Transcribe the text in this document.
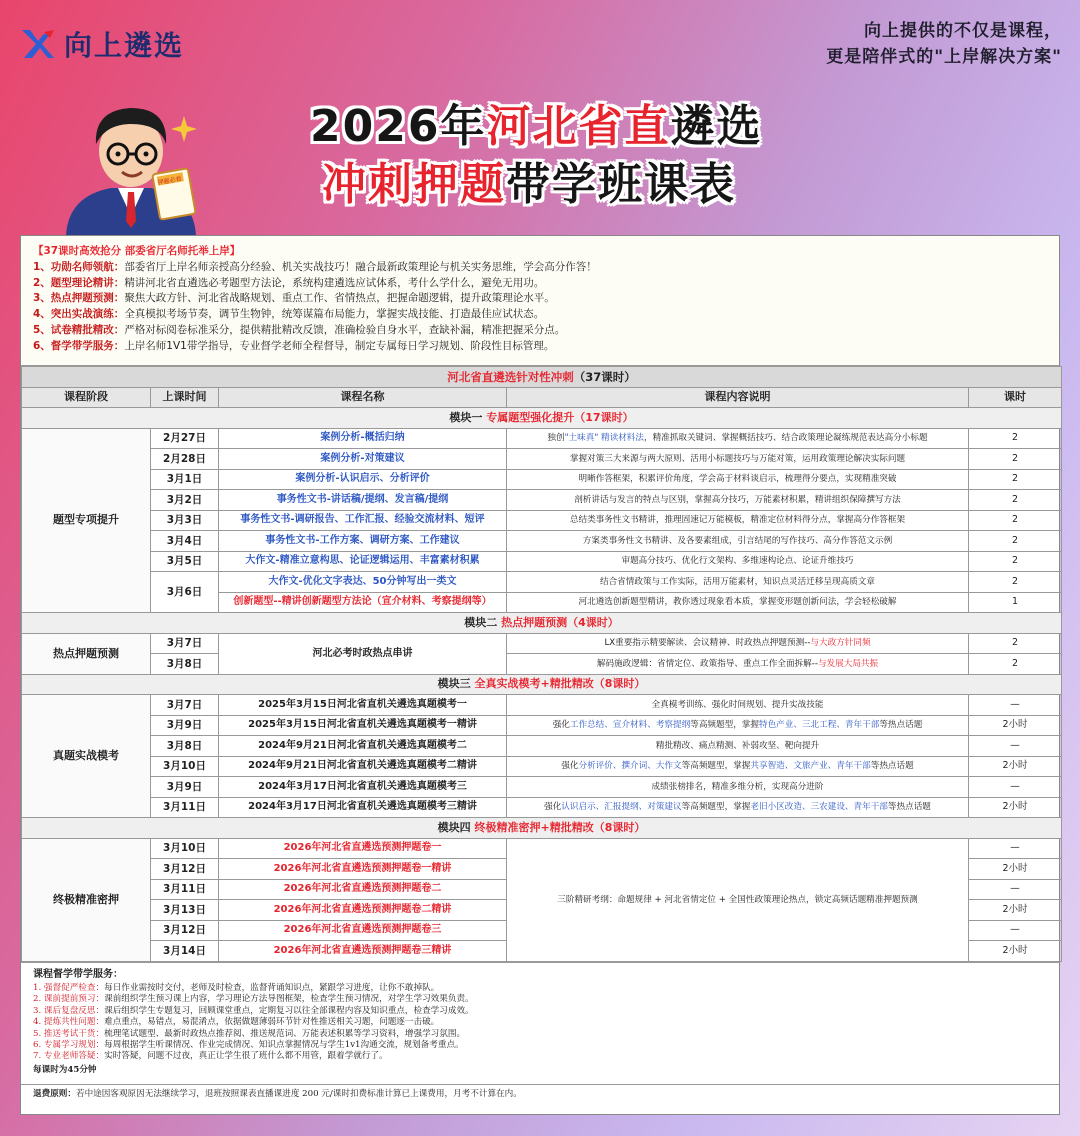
向上遴选	向上提供的不仅是课程，
更是陪伴式的"上岸解决方案"
押题必看
2026年河北省直遴选
冲刺押题带学班课表
【37课时高效抢分 部委省厅名师托举上岸】
1、功勋名师领航：部委省厅上岸名师亲授高分经验、机关实战技巧！融合最新政策理论与机关实务思维，学会高分作答！
2、题型理论精讲：精讲河北省直遴选必考题型方法论，系统构建遴选应试体系，考什么学什么，避免无用功。
3、热点押题预测：聚焦大政方针、河北省战略规划、重点工作、省情热点，把握命题逻辑，提升政策理论水平。
4、突出实战演练：全真模拟考场节奏，调节生物钟，统筹谋篇布局能力，掌握实战技能、打造最佳应试状态。
5、试卷精批精改：严格对标阅卷标准采分，提供精批精改反馈，准确检验自身水平，查缺补漏，精准把握采分点。
6、督学带学服务：上岸名师1V1带学指导，专业督学老师全程督导，制定专属每日学习规划、阶段性目标管理。
河北省直遴选针对性冲刺（37课时）				
课程阶段	上课时间	课程名称	课程内容说明	课时
模块一 专属题型强化提升（17课时）				
题型专项提升	2月27日	案例分析-概括归纳	独创"土味真" 精读材料法，精准抓取关键词、掌握概括技巧、结合政策理论凝练规范表达高分小标题	2
	2月28日	案例分析-对策建议	掌握对策三大来源与两大原则、活用小标题技巧与万能对策，运用政策理论解决实际问题	2
	3月1日	案例分析-认识启示、分析评价	明晰作答框架，积累评价角度，学会高于材料谈启示，梳理得分要点，实现精准突破	2
	3月2日	事务性文书-讲话稿/提纲、发言稿/提纲	剖析讲话与发言的特点与区别，掌握高分技巧，万能素材积累，精讲组织保障撰写方法	2
	3月3日	事务性文书-调研报告、工作汇报、经验交流材料、短评	总结类事务性文书精讲，推理固速记万能模板，精准定位材料得分点，掌握高分作答框架	2
	3月4日	事务性文书-工作方案、调研方案、工作建议	方案类事务性文书精讲、及各要素组成，引言结尾的写作技巧、高分作答范文示例	2
	3月5日	大作文-精准立意构思、论证逻辑运用、丰富素材积累	审题高分技巧、优化行文架构、多维速构论点、论证升维技巧	2
	3月6日	大作文-优化文字表达、50分钟写出一类文	结合省情政策与工作实际，活用万能素材，知识点灵活迁移呈现高质文章	2
		创新题型--精讲创新题型方法论（宣介材料、考察提纲等）	河北遴选创新题型精讲，教你透过现象看本质，掌握变形题创新问法，学会轻松破解	1
模块二 热点押题预测（4课时）				
热点押题预测	3月7日	河北必考时政热点串讲	LX重要指示精要解读、会议精神、时政热点押题预测--与大政方针同频	2
	3月8日		解码施政逻辑：省情定位、政策指导、重点工作全面拆解--与发展大局共振	2
模块三 全真实战模考+精批精改（8课时）				
真题实战模考	3月7日	2025年3月15日河北省直机关遴选真题模考一	全真模考训练、强化时间规划、提升实战技能	—
	3月9日	2025年3月15日河北省直机关遴选真题模考一精讲	强化工作总结、宣介材料、考察提纲等高频题型，掌握特色产业、三北工程、青年干部等热点话题	2小时
	3月8日	2024年9月21日河北省直机关遴选真题模考二	精批精改、痛点精测、补弱攻坚、靶向提升	—
	3月10日	2024年9月21日河北省直机关遴选真题模考二精讲	强化分析评价、撰介词、大作文等高频题型，掌握共享智造、文旅产业、青年干部等热点话题	2小时
	3月9日	2024年3月17日河北省直机关遴选真题模考三	成绩张榜排名，精准多维分析，实现高分进阶	—
	3月11日	2024年3月17日河北省直机关遴选真题模考三精讲	强化认识启示、汇报提纲、对策建议等高频题型，掌握老旧小区改造、三农建设、青年干部等热点话题	2小时
模块四 终极精准密押+精批精改（8课时）				
终极精准密押	3月10日	2026年河北省直遴选预测押题卷一	三阶精研考纲：命题规律 + 河北省情定位 + 全国性政策理论热点，锁定高频话题精准押题预测	—
	3月12日	2026年河北省直遴选预测押题卷一精讲		2小时
	3月11日	2026年河北省直遴选预测押题卷二		—
	3月13日	2026年河北省直遴选预测押题卷二精讲		2小时
	3月12日	2026年河北省直遴选预测押题卷三		—
	3月14日	2026年河北省直遴选预测押题卷三精讲		2小时
课程督学带学服务：
1. 强督促严检查：每日作业需按时交付，老师及时检查，监督背诵知识点，紧跟学习进度，让你不敢掉队。
2. 课前提前预习：课前组织学生预习课上内容，学习理论方法导图框架，检查学生预习情况，对学生学习效果负责。
3. 课后复盘反思：课后组织学生专题复习，回顾课堂重点，定期复习以往全部课程内容及知识重点，检查学习成效。
4. 提炼共性问题：难点重点，易错点，易混淆点，依据做题薄弱环节针对性推送相关习题，问题逐一击破。
5. 推送考试干货：梳理笔试题型、最新时政热点推荐阅、推送规范词、万能表述积累等学习资料，增强学习氛围。
6. 专属学习规划：每周根据学生听课情况、作业完成情况、知识点掌握情况与学生1v1沟通交流，规划备考重点。
7. 专业老师答疑：实时答疑，问题不过夜，真正让学生很了班什么都不用管，跟着学就行了。
每课时为45分钟
退费原则：若中途因客观原因无法继续学习，退班按照课表直播课进度 200 元/课时扣费标准计算已上课费用，月考不计算在内。
